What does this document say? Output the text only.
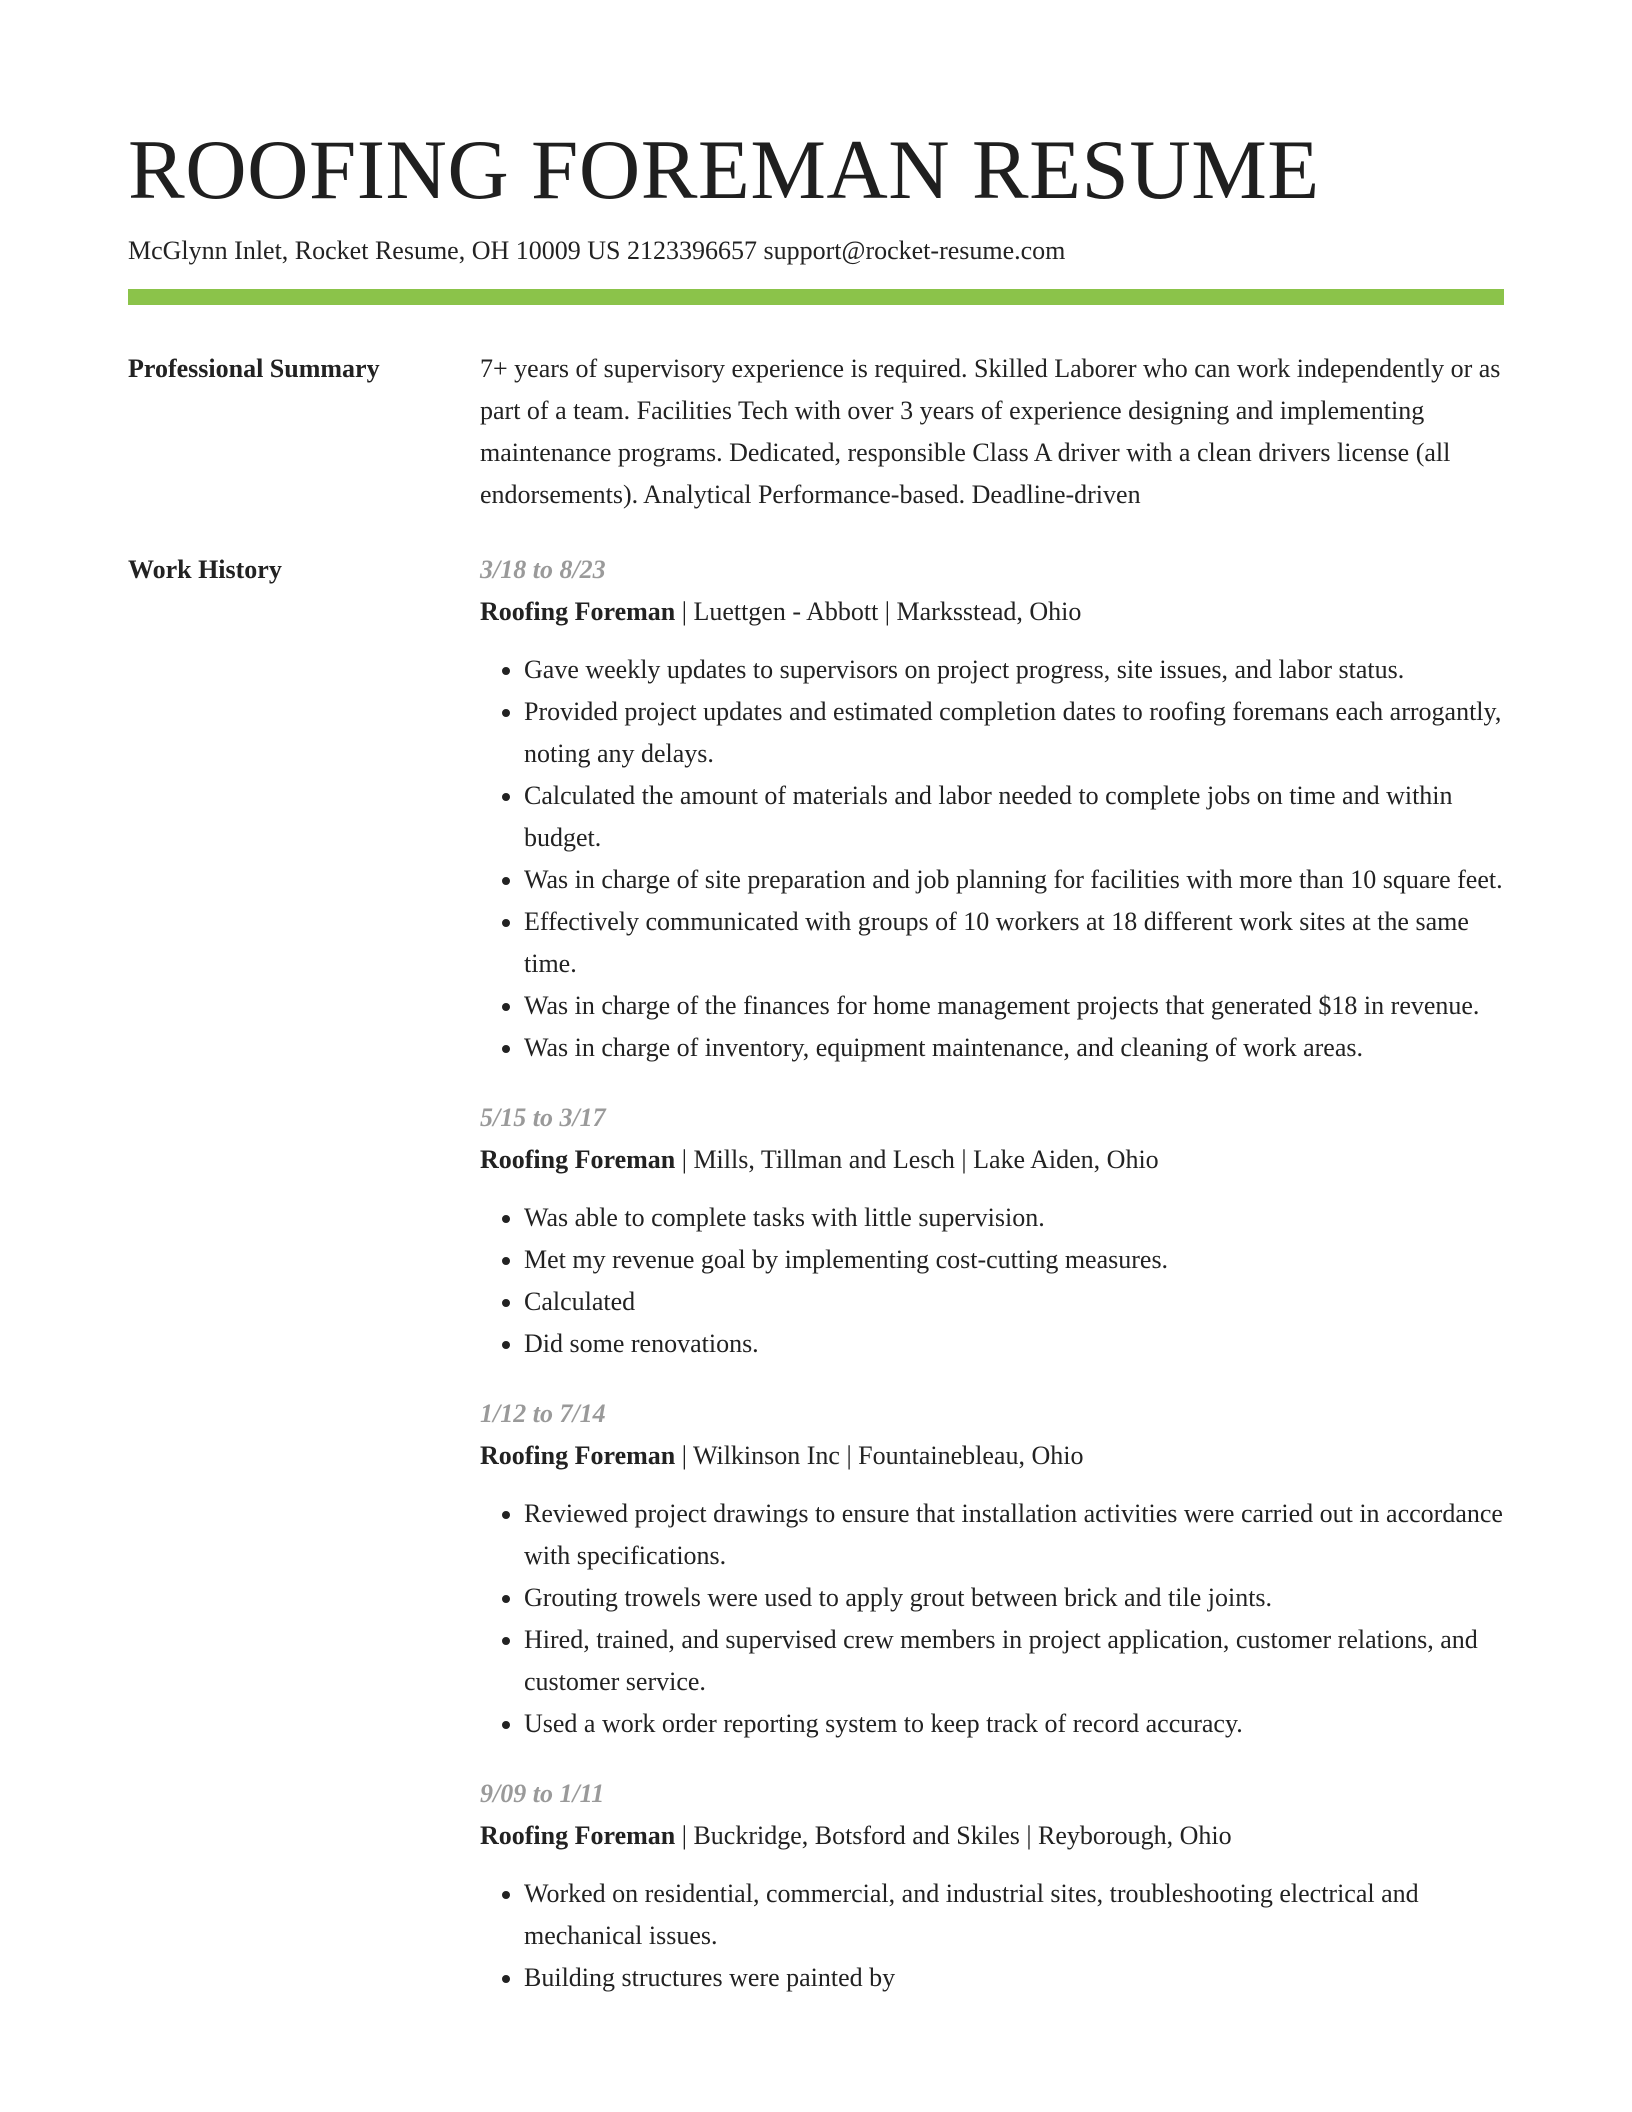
ROOFING FOREMAN RESUME
McGlynn Inlet, Rocket Resume, OH 10009 US 2123396657 support@rocket-resume.com
Professional Summary	7+ years of supervisory experience is required. Skilled Laborer who can work independently or as part of a team. Facilities Tech with over 3 years of experience designing and implementing maintenance programs. Dedicated, responsible Class A driver with a clean drivers license (all endorsements). Analytical Performance-based. Deadline-driven

Work History	3/18 to 8/23
Roofing Foreman | Luettgen - Abbott | Marksstead, Ohio
• Gave weekly updates to supervisors on project progress, site issues, and labor status.
• Provided project updates and estimated completion dates to roofing foremans each arrogantly, noting any delays.
• Calculated the amount of materials and labor needed to complete jobs on time and within budget.
• Was in charge of site preparation and job planning for facilities with more than 10 square feet.
• Effectively communicated with groups of 10 workers at 18 different work sites at the same time.
• Was in charge of the finances for home management projects that generated $18 in revenue.
• Was in charge of inventory, equipment maintenance, and cleaning of work areas.
5/15 to 3/17
Roofing Foreman | Mills, Tillman and Lesch | Lake Aiden, Ohio
• Was able to complete tasks with little supervision.
• Met my revenue goal by implementing cost-cutting measures.
• Calculated
• Did some renovations.
1/12 to 7/14
Roofing Foreman | Wilkinson Inc | Fountainebleau, Ohio
• Reviewed project drawings to ensure that installation activities were carried out in accordance with specifications.
• Grouting trowels were used to apply grout between brick and tile joints.
• Hired, trained, and supervised crew members in project application, customer relations, and customer service.
• Used a work order reporting system to keep track of record accuracy.
9/09 to 1/11
Roofing Foreman | Buckridge, Botsford and Skiles | Reyborough, Ohio
• Worked on residential, commercial, and industrial sites, troubleshooting electrical and mechanical issues.
• Building structures were painted by
